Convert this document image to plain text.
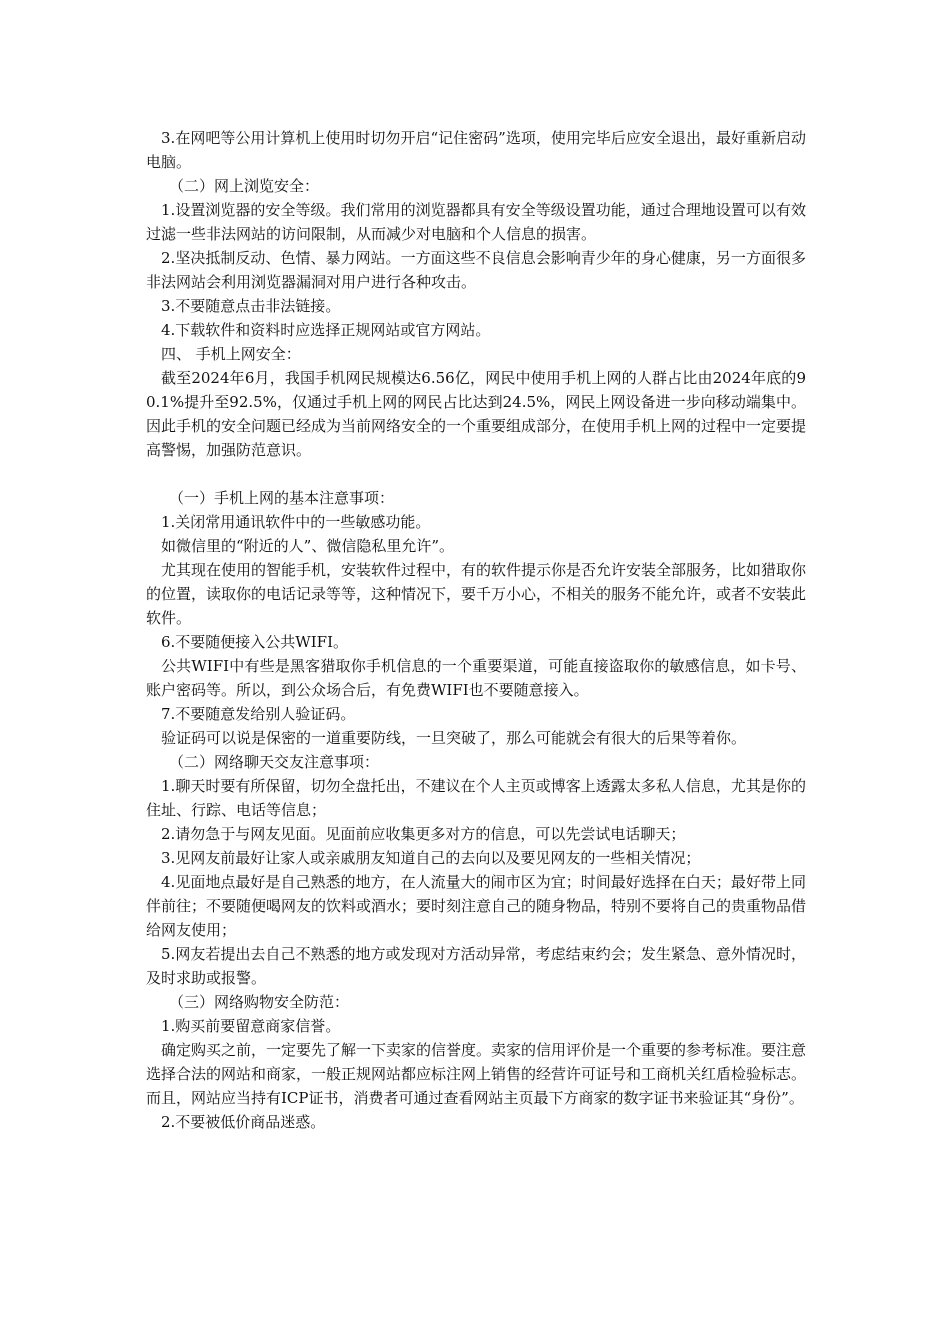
3.在网吧等公用计算机上使用时切勿开启“记住密码”选项，使用完毕后应安全退出，最好重新启动电脑。

（二）网上浏览安全：

1.设置浏览器的安全等级。我们常用的浏览器都具有安全等级设置功能，通过合理地设置可以有效过滤一些非法网站的访问限制，从而减少对电脑和个人信息的损害。

2.坚决抵制反动、色情、暴力网站。一方面这些不良信息会影响青少年的身心健康，另一方面很多非法网站会利用浏览器漏洞对用户进行各种攻击。

3.不要随意点击非法链接。

4.下载软件和资料时应选择正规网站或官方网站。

四、 手机上网安全：

截至2024年6月，我国手机网民规模达6.56亿，网民中使用手机上网的人群占比由2024年底的90.1%提升至92.5%，仅通过手机上网的网民占比达到24.5%，网民上网设备进一步向移动端集中。因此手机的安全问题已经成为当前网络安全的一个重要组成部分，在使用手机上网的过程中一定要提高警惕，加强防范意识。

（一）手机上网的基本注意事项：

1.关闭常用通讯软件中的一些敏感功能。

如微信里的“附近的人”、微信隐私里允许”。

尤其现在使用的智能手机，安装软件过程中，有的软件提示你是否允许安装全部服务，比如猎取你的位置，读取你的电话记录等等，这种情况下，要千万小心，不相关的服务不能允许，或者不安装此软件。

6.不要随便接入公共WIFI。

公共WIFI中有些是黑客猎取你手机信息的一个重要渠道，可能直接盗取你的敏感信息，如卡号、账户密码等。所以，到公众场合后，有免费WIFI也不要随意接入。

7.不要随意发给别人验证码。

验证码可以说是保密的一道重要防线，一旦突破了，那么可能就会有很大的后果等着你。

（二）网络聊天交友注意事项：

1.聊天时要有所保留，切勿全盘托出，不建议在个人主页或博客上透露太多私人信息，尤其是你的住址、行踪、电话等信息；

2.请勿急于与网友见面。见面前应收集更多对方的信息，可以先尝试电话聊天；

3.见网友前最好让家人或亲戚朋友知道自己的去向以及要见网友的一些相关情况；

4.见面地点最好是自己熟悉的地方，在人流量大的闹市区为宜；时间最好选择在白天；最好带上同伴前往；不要随便喝网友的饮料或酒水；要时刻注意自己的随身物品，特别不要将自己的贵重物品借给网友使用；

5.网友若提出去自己不熟悉的地方或发现对方活动异常，考虑结束约会；发生紧急、意外情况时，及时求助或报警。

（三）网络购物安全防范：

1.购买前要留意商家信誉。

确定购买之前，一定要先了解一下卖家的信誉度。卖家的信用评价是一个重要的参考标准。要注意选择合法的网站和商家，一般正规网站都应标注网上销售的经营许可证号和工商机关红盾检验标志。而且，网站应当持有ICP证书，消费者可通过查看网站主页最下方商家的数字证书来验证其“身份”。

2.不要被低价商品迷惑。
